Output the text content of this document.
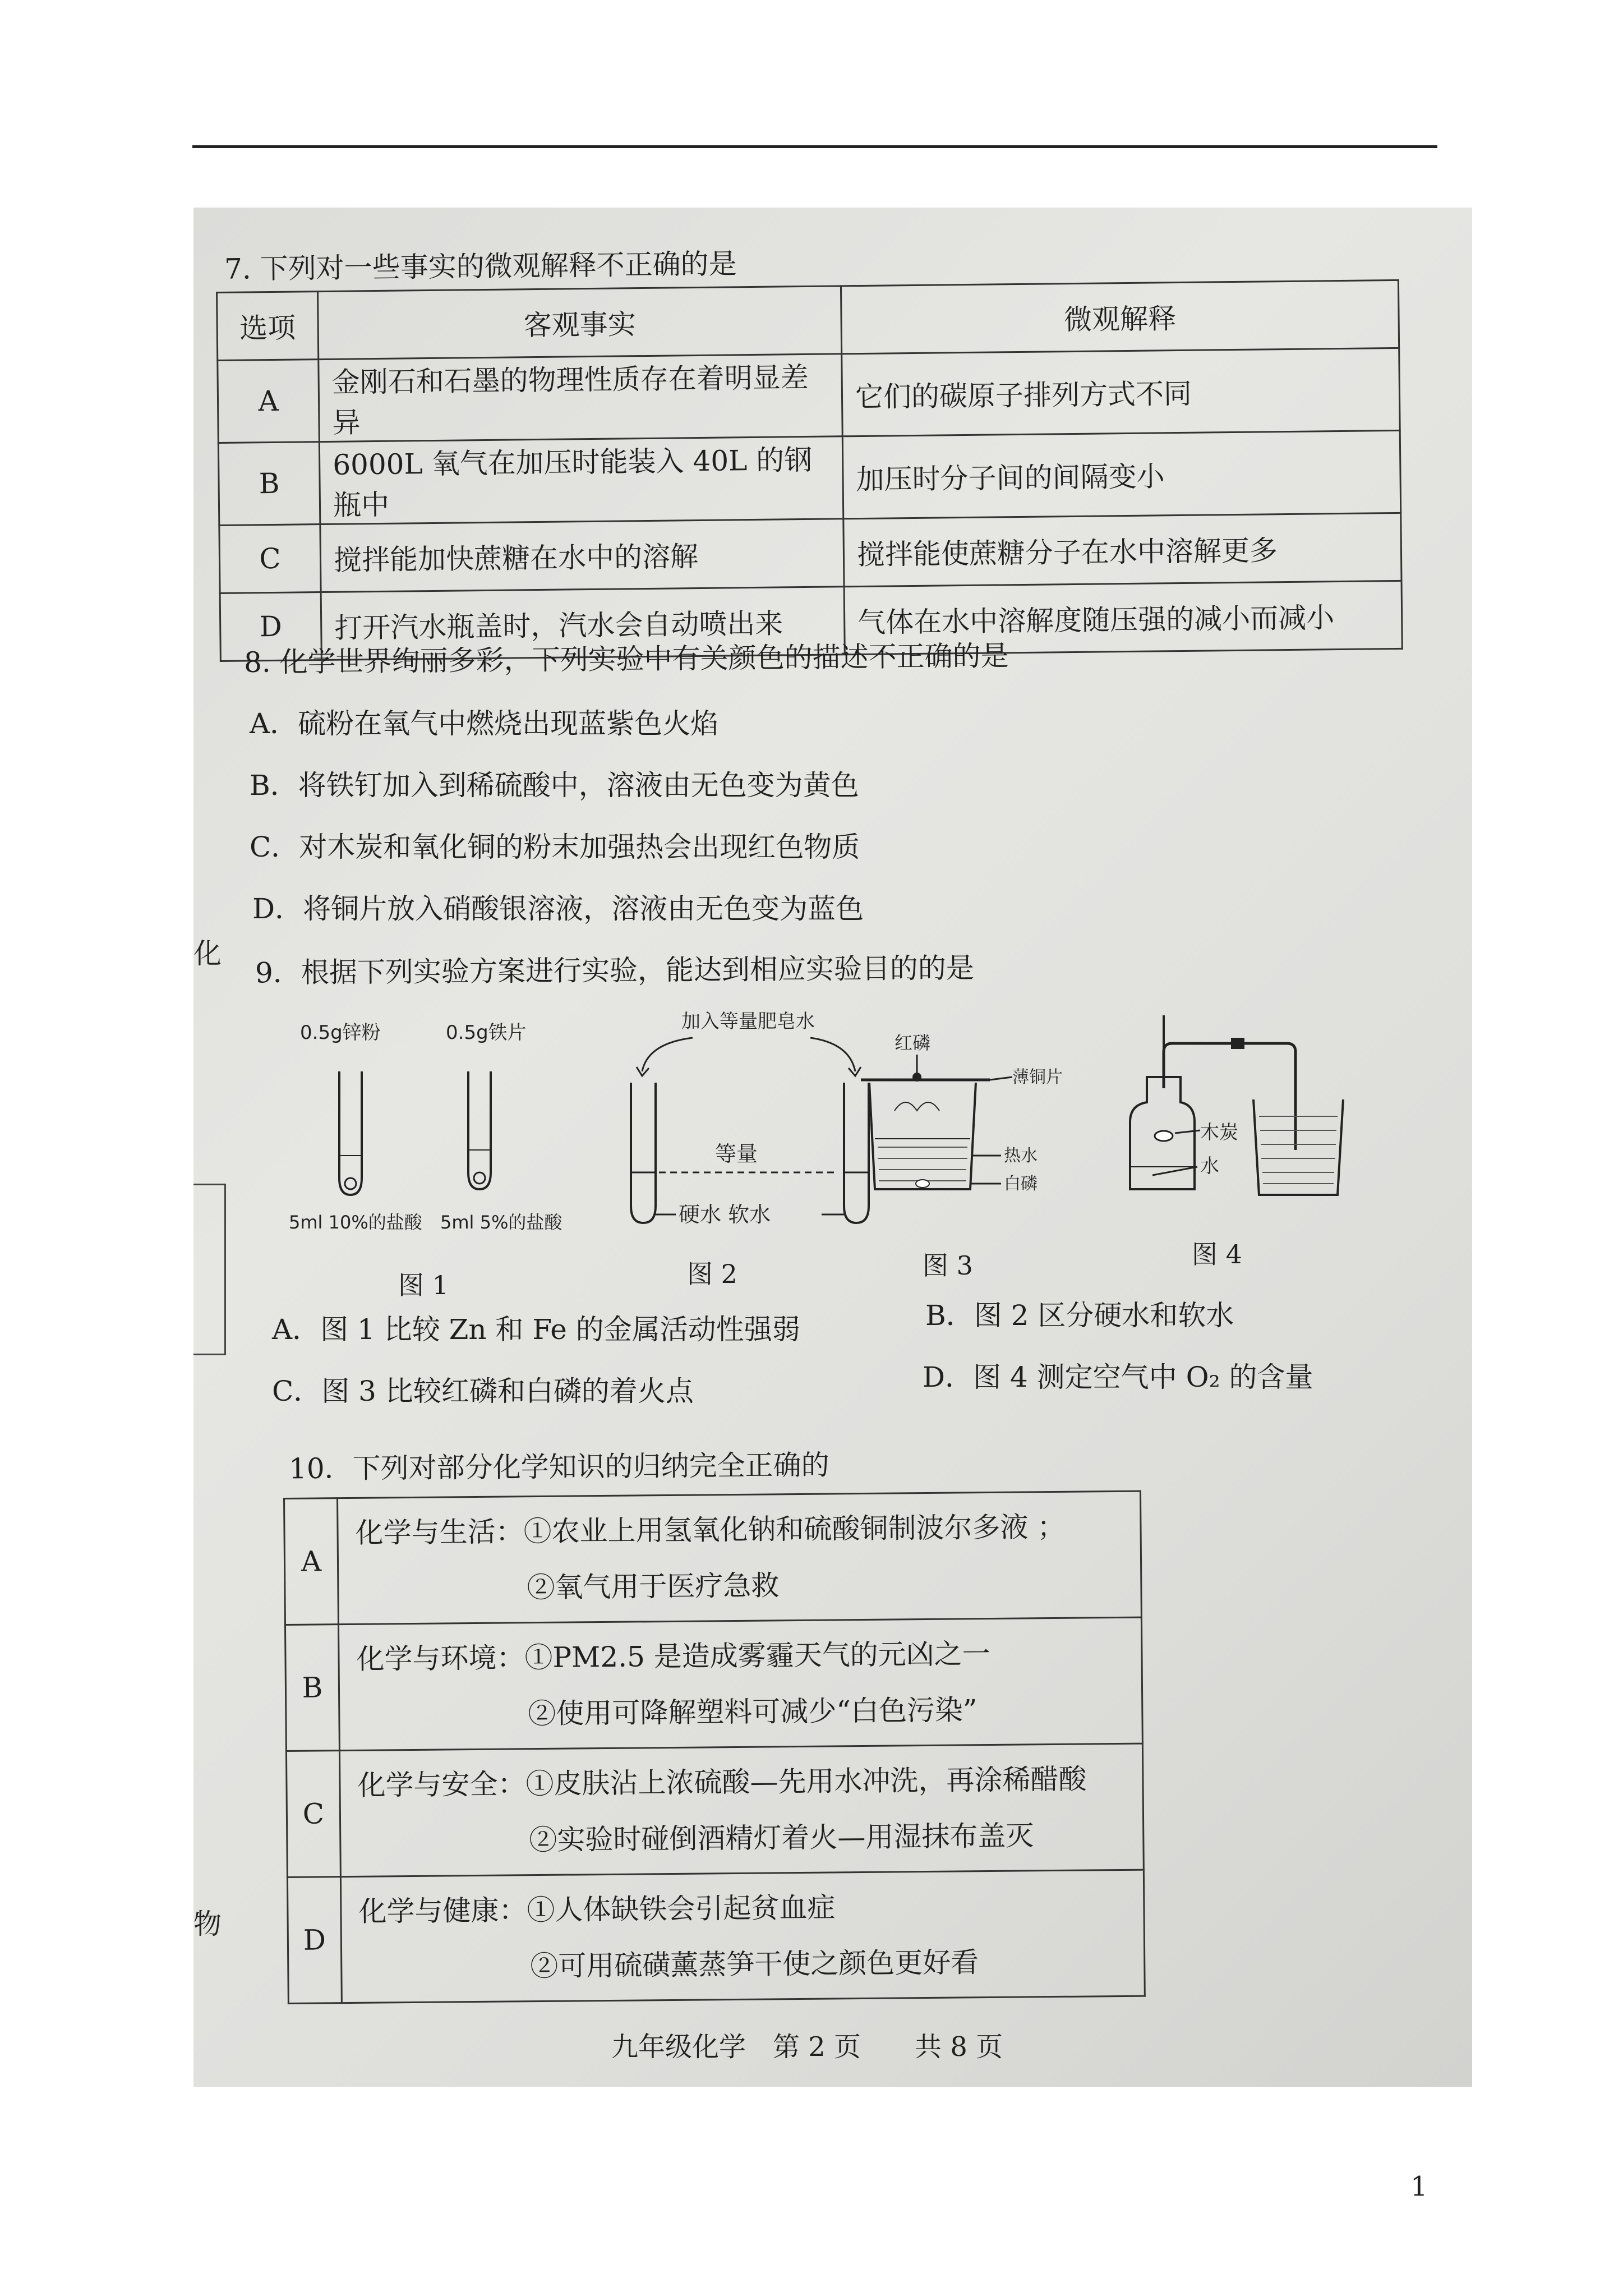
7. 下列对一些事实的微观解释不正确的是
选项	客观事实	微观解释
A	金刚石和石墨的物理性质存在着明显差异	它们的碳原子排列方式不同
B	6000L 氧气在加压时能装入 40L 的钢瓶中	加压时分子间的间隔变小
C	搅拌能加快蔗糖在水中的溶解	搅拌能使蔗糖分子在水中溶解更多
D	打开汽水瓶盖时，汽水会自动喷出来	气体在水中溶解度随压强的减小而减小
8. 化学世界绚丽多彩，下列实验中有关颜色的描述不正确的是
A．硫粉在氧气中燃烧出现蓝紫色火焰
B．将铁钉加入到稀硫酸中，溶液由无色变为黄色
C．对木炭和氧化铜的粉末加强热会出现红色物质
D．将铜片放入硝酸银溶液，溶液由无色变为蓝色
化
物
9．根据下列实验方案进行实验，能达到相应实验目的的是
0.5g锌粉	0.5g铁片
5ml 10%的盐酸 5ml 5%的盐酸
图 1
加入等量肥皂水
等量
硬水 软水
图 2
红磷
薄铜片
热水
白磷
图 3
木炭
水
图 4
A．图 1 比较 Zn 和 Fe 的金属活动性强弱	B．图 2 区分硬水和软水
C．图 3 比较红磷和白磷的着火点	D．图 4 测定空气中 O₂ 的含量
10．下列对部分化学知识的归纳完全正确的
A	化学与生活：①农业上用氢氧化钠和硫酸铜制波尔多液 ；
②氧气用于医疗急救

B	化学与环境：①PM2.5 是造成雾霾天气的元凶之一
②使用可降解塑料可减少“白色污染”

C	化学与安全：①皮肤沾上浓硫酸—先用水冲洗，再涂稀醋酸
②实验时碰倒酒精灯着火—用湿抹布盖灭

D	化学与健康：①人体缺铁会引起贫血症
②可用硫磺薰蒸笋干使之颜色更好看
九年级化学　第 2 页　　共 8 页
1
